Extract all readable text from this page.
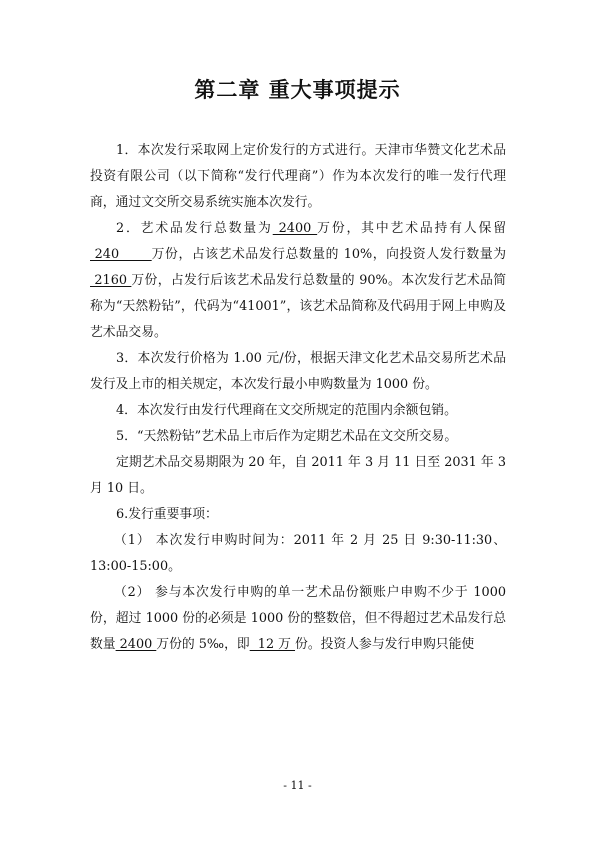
第二章 重大事项提示

1．本次发行采取网上定价发行的方式进行。天津市华赞文化艺术品投资有限公司（以下简称“发行代理商”）作为本次发行的唯一发行代理商，通过文交所交易系统实施本次发行。

2．艺术品发行总数量为 2400 万份，其中艺术品持有人保留 240       万份，占该艺术品发行总数量的 10%，向投资人发行数量为 2160 万份，占发行后该艺术品发行总数量的 90%。本次发行艺术品简称为“天然粉钻”，代码为“41001”，该艺术品简称及代码用于网上申购及艺术品交易。

3．本次发行价格为 1.00 元/份，根据天津文化艺术品交易所艺术品发行及上市的相关规定，本次发行最小申购数量为 1000 份。

4．本次发行由发行代理商在文交所规定的范围内余额包销。

5．“天然粉钻”艺术品上市后作为定期艺术品在文交所交易。

定期艺术品交易期限为 20 年，自 2011 年 3 月 11 日至 2031 年 3 月 10 日。

6.发行重要事项：

（1） 本次发行申购时间为：2011 年 2 月 25 日 9:30-11:30、13:00-15:00。

（2） 参与本次发行申购的单一艺术品份额账户申购不少于 1000 份，超过 1000 份的必须是 1000 份的整数倍，但不得超过艺术品发行总数量 2400 万份的 5‰，即  12 万 份。投资人参与发行申购只能使

- 11 -
